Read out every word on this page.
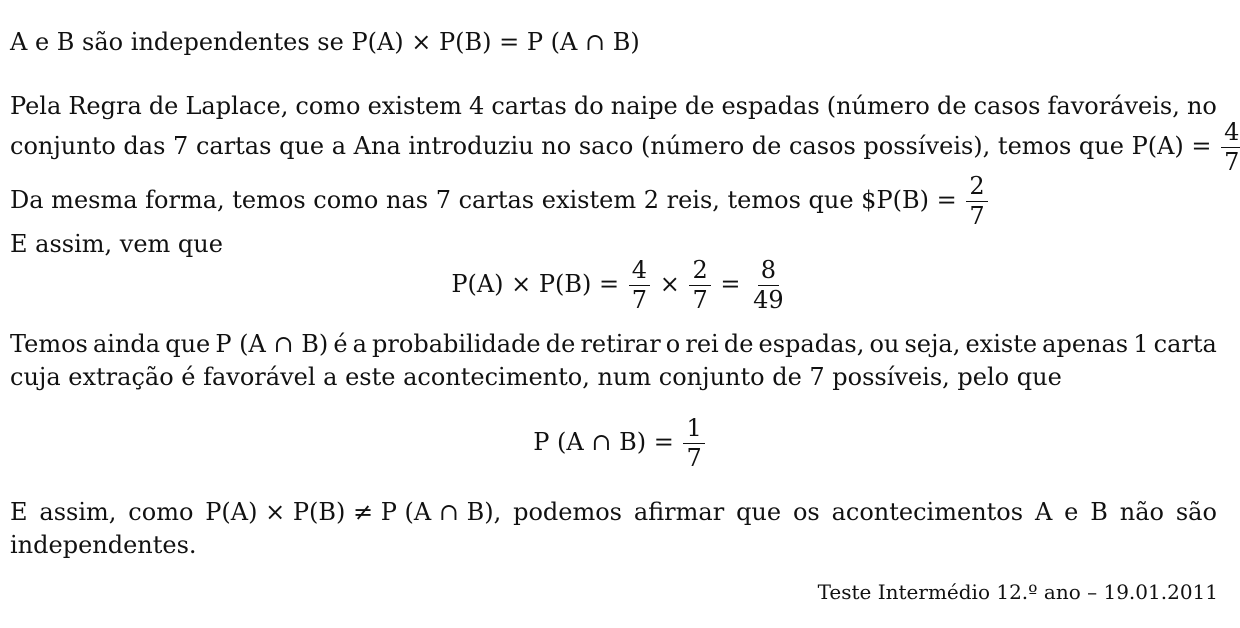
A e B são independentes se P(A) × P(B) = P (A ∩ B)
Pela Regra de Laplace, como existem 4 cartas do naipe de espadas (número de casos favoráveis, no
conjunto das 7 cartas que a Ana introduziu no saco (número de casos possíveis), temos que $P(A) = \frac{4}{7}$
Da mesma forma, temos como nas 7 cartas existem 2 reis, temos que $P(B) = $\frac{2}{7}$
E assim, vem que
$P(A) \times P(B) = \frac{4}{7} \times \frac{2}{7} = \frac{8}{49}$
Temos ainda que P (A ∩ B) é a probabilidade de retirar o rei de espadas, ou seja, existe apenas 1 carta
cuja extração é favorável a este acontecimento, num conjunto de 7 possíveis, pelo que
P (A ∩ $B) = \frac{1}{7}$
E assim, como P(A) × P(B) ≠ P (A ∩ B), podemos afirmar que os acontecimentos A e B não são
independentes.
Teste Intermédio 12.º ano – 19.01.2011
